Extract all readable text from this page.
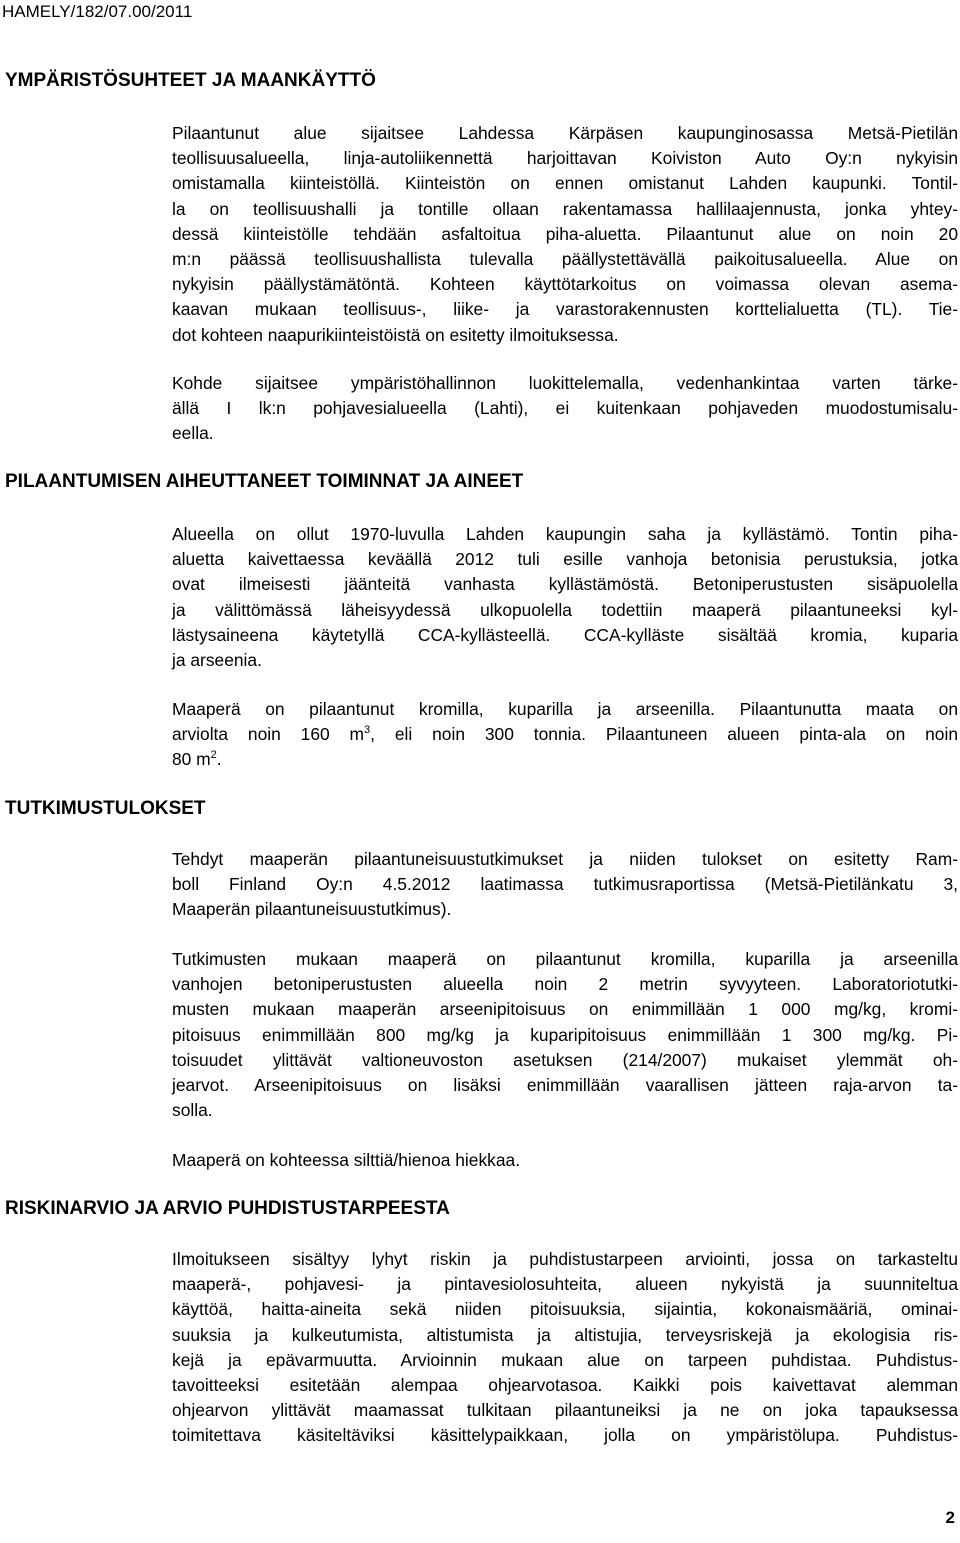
HAMELY/182/07.00/2011
YMPÄRISTÖSUHTEET JA MAANKÄYTTÖ
Pilaantunut alue sijaitsee Lahdessa Kärpäsen kaupunginosassa Metsä-Pietilän
teollisuusalueella, linja-autoliikennettä harjoittavan Koiviston Auto Oy:n nykyisin
omistamalla kiinteistöllä. Kiinteistön on ennen omistanut Lahden kaupunki. Tontil-
la on teollisuushalli ja tontille ollaan rakentamassa hallilaajennusta, jonka yhtey-
dessä kiinteistölle tehdään asfaltoitua piha-aluetta. Pilaantunut alue on noin 20
m:n päässä teollisuushallista tulevalla päällystettävällä paikoitusalueella. Alue on
nykyisin päällystämätöntä. Kohteen käyttötarkoitus on voimassa olevan asema-
kaavan mukaan teollisuus-, liike- ja varastorakennusten korttelialuetta (TL). Tie-
dot kohteen naapurikiinteistöistä on esitetty ilmoituksessa.
Kohde sijaitsee ympäristöhallinnon luokittelemalla, vedenhankintaa varten tärke-
ällä I lk:n pohjavesialueella (Lahti), ei kuitenkaan pohjaveden muodostumisalu-
eella.
PILAANTUMISEN AIHEUTTANEET TOIMINNAT JA AINEET
Alueella on ollut 1970-luvulla Lahden kaupungin saha ja kyllästämö. Tontin piha-
aluetta kaivettaessa keväällä 2012 tuli esille vanhoja betonisia perustuksia, jotka
ovat ilmeisesti jäänteitä vanhasta kyllästämöstä. Betoniperustusten sisäpuolella
ja välittömässä läheisyydessä ulkopuolella todettiin maaperä pilaantuneeksi kyl-
lästysaineena käytetyllä CCA-kyllästeellä. CCA-kylläste sisältää kromia, kuparia
ja arseenia.
Maaperä on pilaantunut kromilla, kuparilla ja arseenilla. Pilaantunutta maata on
arviolta noin 160 $m^3$, eli noin 300 tonnia. Pilaantuneen alueen pinta-ala on noin
80 $m^2$.
TUTKIMUSTULOKSET
Tehdyt maaperän pilaantuneisuustutkimukset ja niiden tulokset on esitetty Ram-
boll Finland Oy:n 4.5.2012 laatimassa tutkimusraportissa (Metsä-Pietilänkatu 3,
Maaperän pilaantuneisuustutkimus).
Tutkimusten mukaan maaperä on pilaantunut kromilla, kuparilla ja arseenilla
vanhojen betoniperustusten alueella noin 2 metrin syvyyteen. Laboratoriotutki-
musten mukaan maaperän arseenipitoisuus on enimmillään 1 000 mg/kg, kromi-
pitoisuus enimmillään 800 mg/kg ja kuparipitoisuus enimmillään 1 300 mg/kg. Pi-
toisuudet ylittävät valtioneuvoston asetuksen (214/2007) mukaiset ylemmät oh-
jearvot. Arseenipitoisuus on lisäksi enimmillään vaarallisen jätteen raja-arvon ta-
solla.
Maaperä on kohteessa silttiä/hienoa hiekkaa.
RISKINARVIO JA ARVIO PUHDISTUSTARPEESTA
Ilmoitukseen sisältyy lyhyt riskin ja puhdistustarpeen arviointi, jossa on tarkasteltu
maaperä-, pohjavesi- ja pintavesiolosuhteita, alueen nykyistä ja suunniteltua
käyttöä, haitta-aineita sekä niiden pitoisuuksia, sijaintia, kokonaismääriä, ominai-
suuksia ja kulkeutumista, altistumista ja altistujia, terveysriskejä ja ekologisia ris-
kejä ja epävarmuutta. Arvioinnin mukaan alue on tarpeen puhdistaa. Puhdistus-
tavoitteeksi esitetään alempaa ohjearvotasoa. Kaikki pois kaivettavat alemman
ohjearvon ylittävät maamassat tulkitaan pilaantuneiksi ja ne on joka tapauksessa
toimitettava käsiteltäviksi käsittelypaikkaan, jolla on ympäristölupa. Puhdistus-
2
